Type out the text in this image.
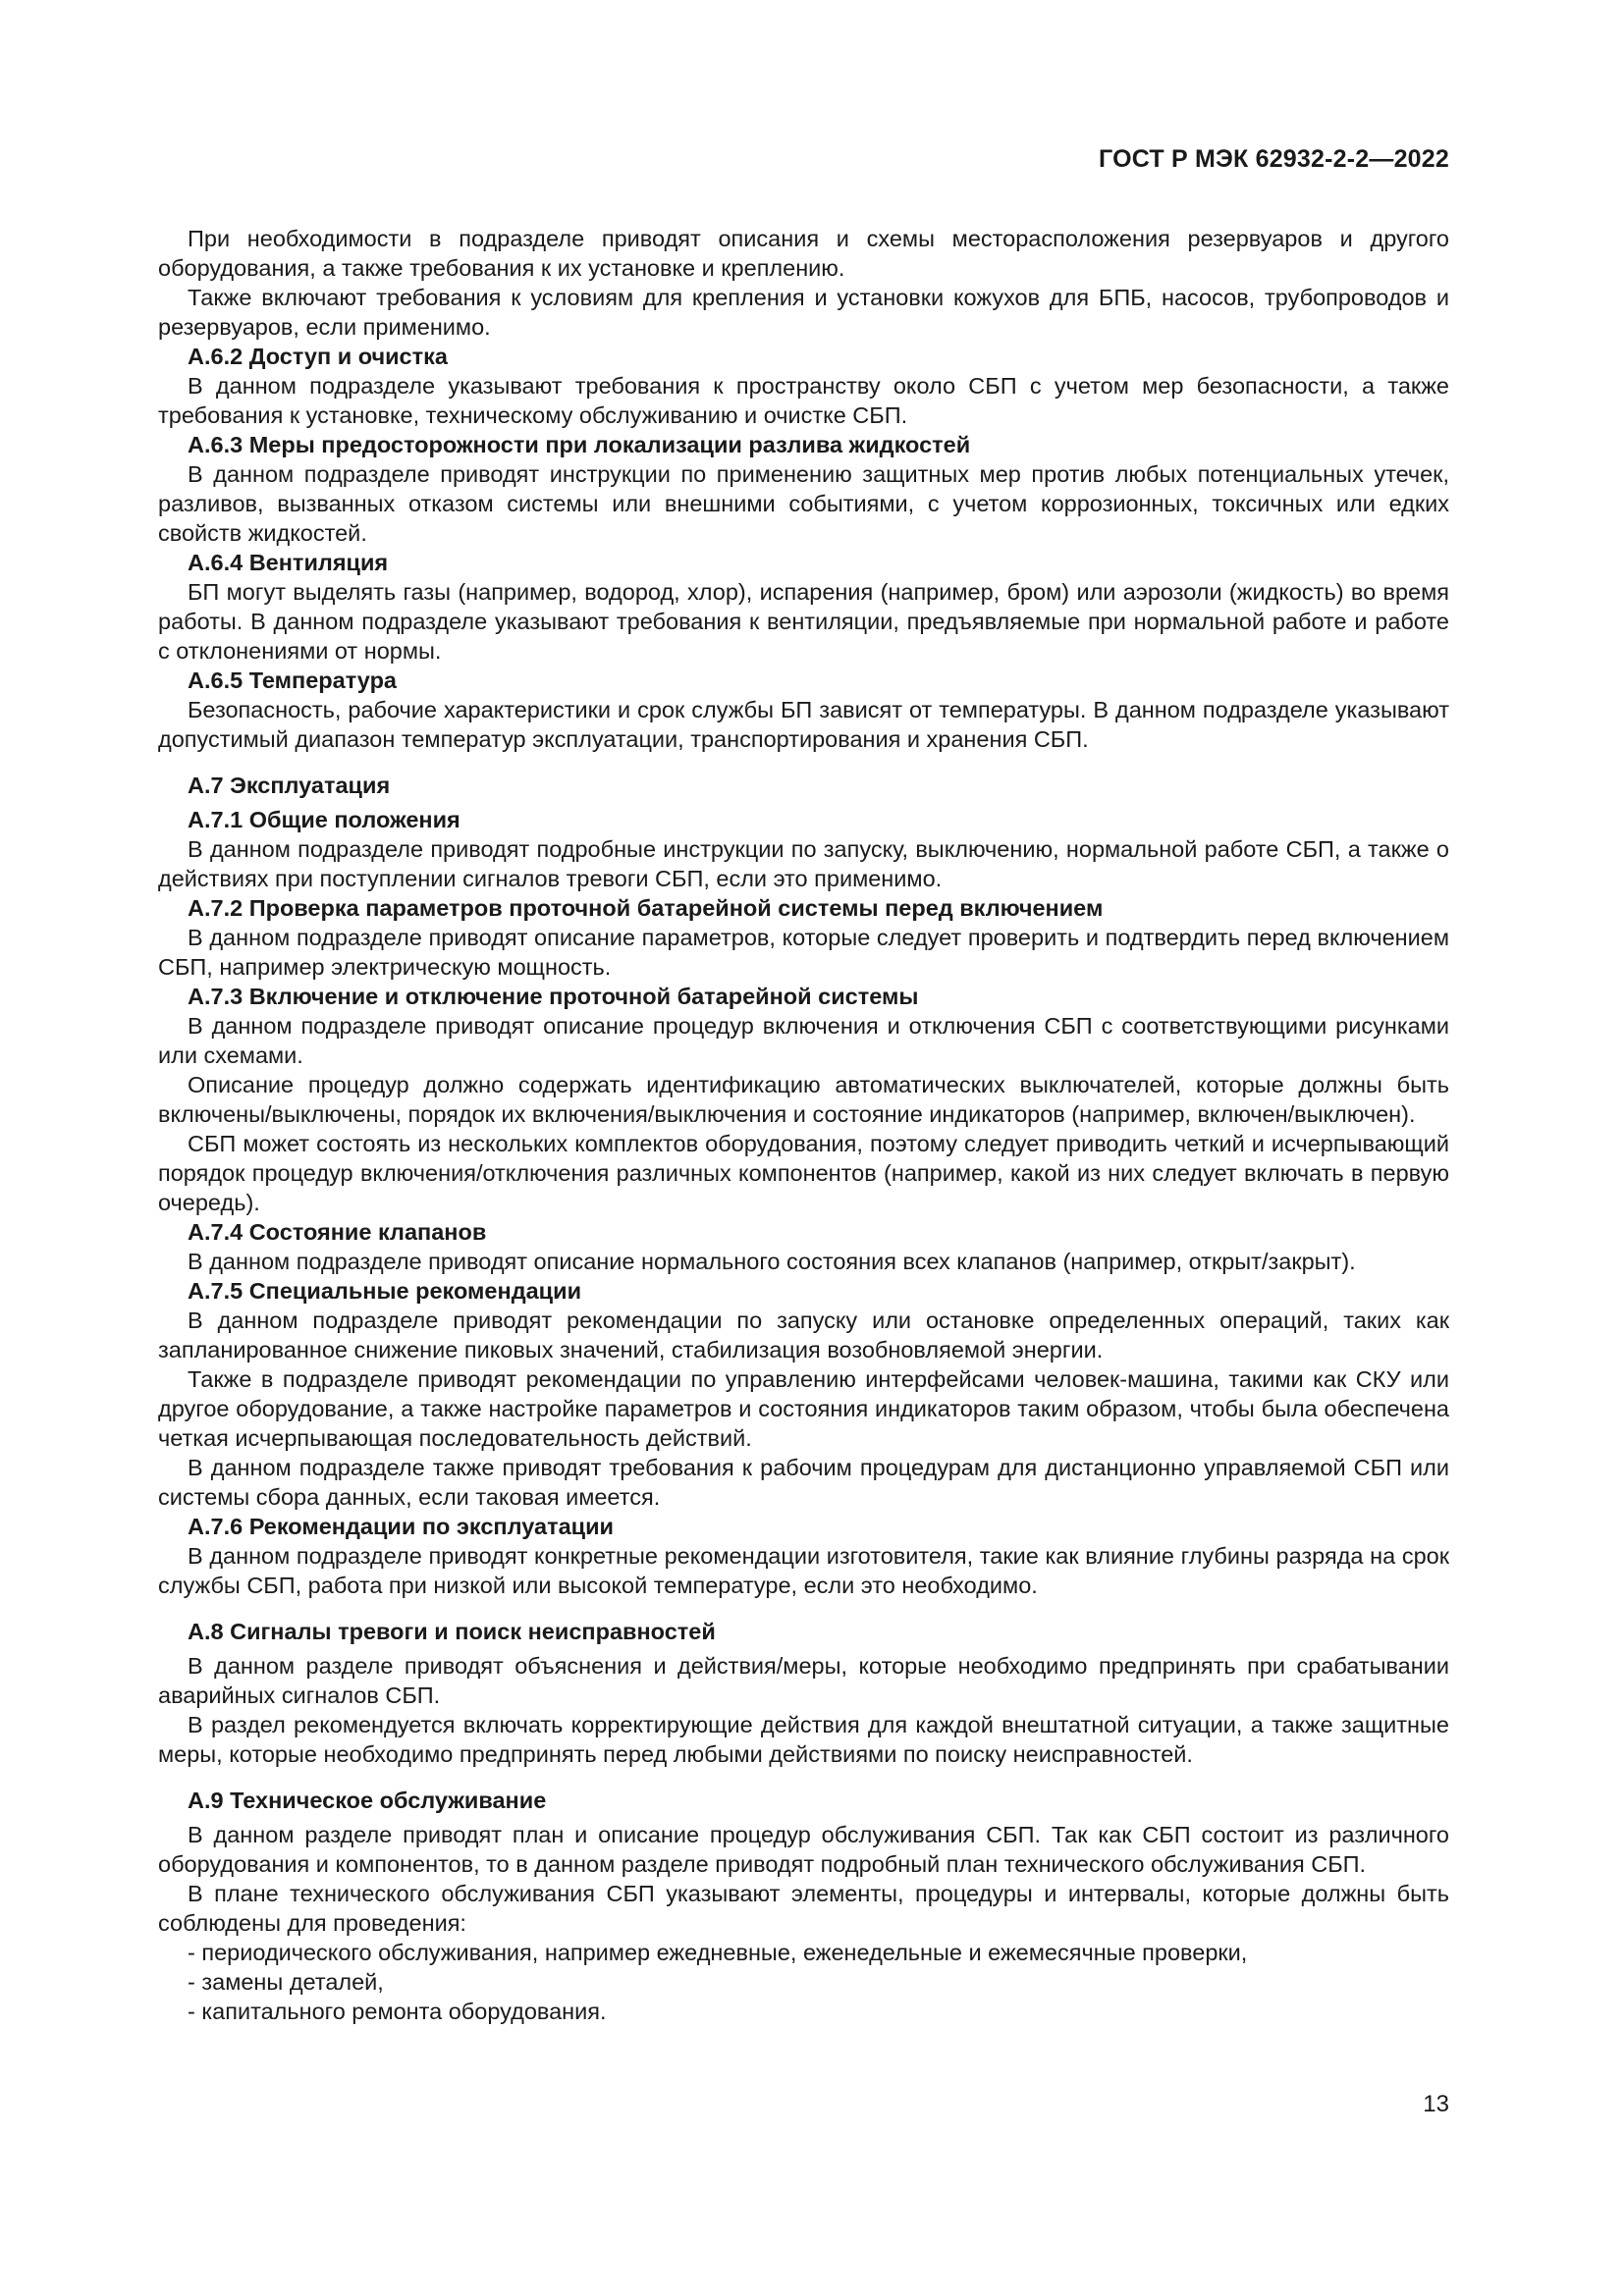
ГОСТ Р МЭК 62932-2-2—2022
При необходимости в подразделе приводят описания и схемы месторасположения резервуаров и другого оборудования, а также требования к их установке и креплению.
Также включают требования к условиям для крепления и установки кожухов для БПБ, насосов, трубопроводов и резервуаров, если применимо.
А.6.2 Доступ и очистка
В данном подразделе указывают требования к пространству около СБП с учетом мер безопасности, а также требования к установке, техническому обслуживанию и очистке СБП.
А.6.3 Меры предосторожности при локализации разлива жидкостей
В данном подразделе приводят инструкции по применению защитных мер против любых потенциальных утечек, разливов, вызванных отказом системы или внешними событиями, с учетом коррозионных, токсичных или едких свойств жидкостей.
А.6.4 Вентиляция
БП могут выделять газы (например, водород, хлор), испарения (например, бром) или аэрозоли (жидкость) во время работы. В данном подразделе указывают требования к вентиляции, предъявляемые при нормальной работе и работе с отклонениями от нормы.
А.6.5 Температура
Безопасность, рабочие характеристики и срок службы БП зависят от температуры. В данном подразделе указывают допустимый диапазон температур эксплуатации, транспортирования и хранения СБП.
А.7 Эксплуатация
А.7.1 Общие положения
В данном подразделе приводят подробные инструкции по запуску, выключению, нормальной работе СБП, а также о действиях при поступлении сигналов тревоги СБП, если это применимо.
А.7.2 Проверка параметров проточной батарейной системы перед включением
В данном подразделе приводят описание параметров, которые следует проверить и подтвердить перед включением СБП, например электрическую мощность.
А.7.3 Включение и отключение проточной батарейной системы
В данном подразделе приводят описание процедур включения и отключения СБП с соответствующими рисунками или схемами.
Описание процедур должно содержать идентификацию автоматических выключателей, которые должны быть включены/выключены, порядок их включения/выключения и состояние индикаторов (например, включен/выключен).
СБП может состоять из нескольких комплектов оборудования, поэтому следует приводить четкий и исчерпывающий порядок процедур включения/отключения различных компонентов (например, какой из них следует включать в первую очередь).
А.7.4 Состояние клапанов
В данном подразделе приводят описание нормального состояния всех клапанов (например, открыт/закрыт).
А.7.5 Специальные рекомендации
В данном подразделе приводят рекомендации по запуску или остановке определенных операций, таких как запланированное снижение пиковых значений, стабилизация возобновляемой энергии.
Также в подразделе приводят рекомендации по управлению интерфейсами человек-машина, такими как СКУ или другое оборудование, а также настройке параметров и состояния индикаторов таким образом, чтобы была обеспечена четкая исчерпывающая последовательность действий.
В данном подразделе также приводят требования к рабочим процедурам для дистанционно управляемой СБП или системы сбора данных, если таковая имеется.
А.7.6 Рекомендации по эксплуатации
В данном подразделе приводят конкретные рекомендации изготовителя, такие как влияние глубины разряда на срок службы СБП, работа при низкой или высокой температуре, если это необходимо.
А.8 Сигналы тревоги и поиск неисправностей
В данном разделе приводят объяснения и действия/меры, которые необходимо предпринять при срабатывании аварийных сигналов СБП.
В раздел рекомендуется включать корректирующие действия для каждой внештатной ситуации, а также защитные меры, которые необходимо предпринять перед любыми действиями по поиску неисправностей.
А.9 Техническое обслуживание
В данном разделе приводят план и описание процедур обслуживания СБП. Так как СБП состоит из различного оборудования и компонентов, то в данном разделе приводят подробный план технического обслуживания СБП.
В плане технического обслуживания СБП указывают элементы, процедуры и интервалы, которые должны быть соблюдены для проведения:
- периодического обслуживания, например ежедневные, еженедельные и ежемесячные проверки,
- замены деталей,
- капитального ремонта оборудования.
13
